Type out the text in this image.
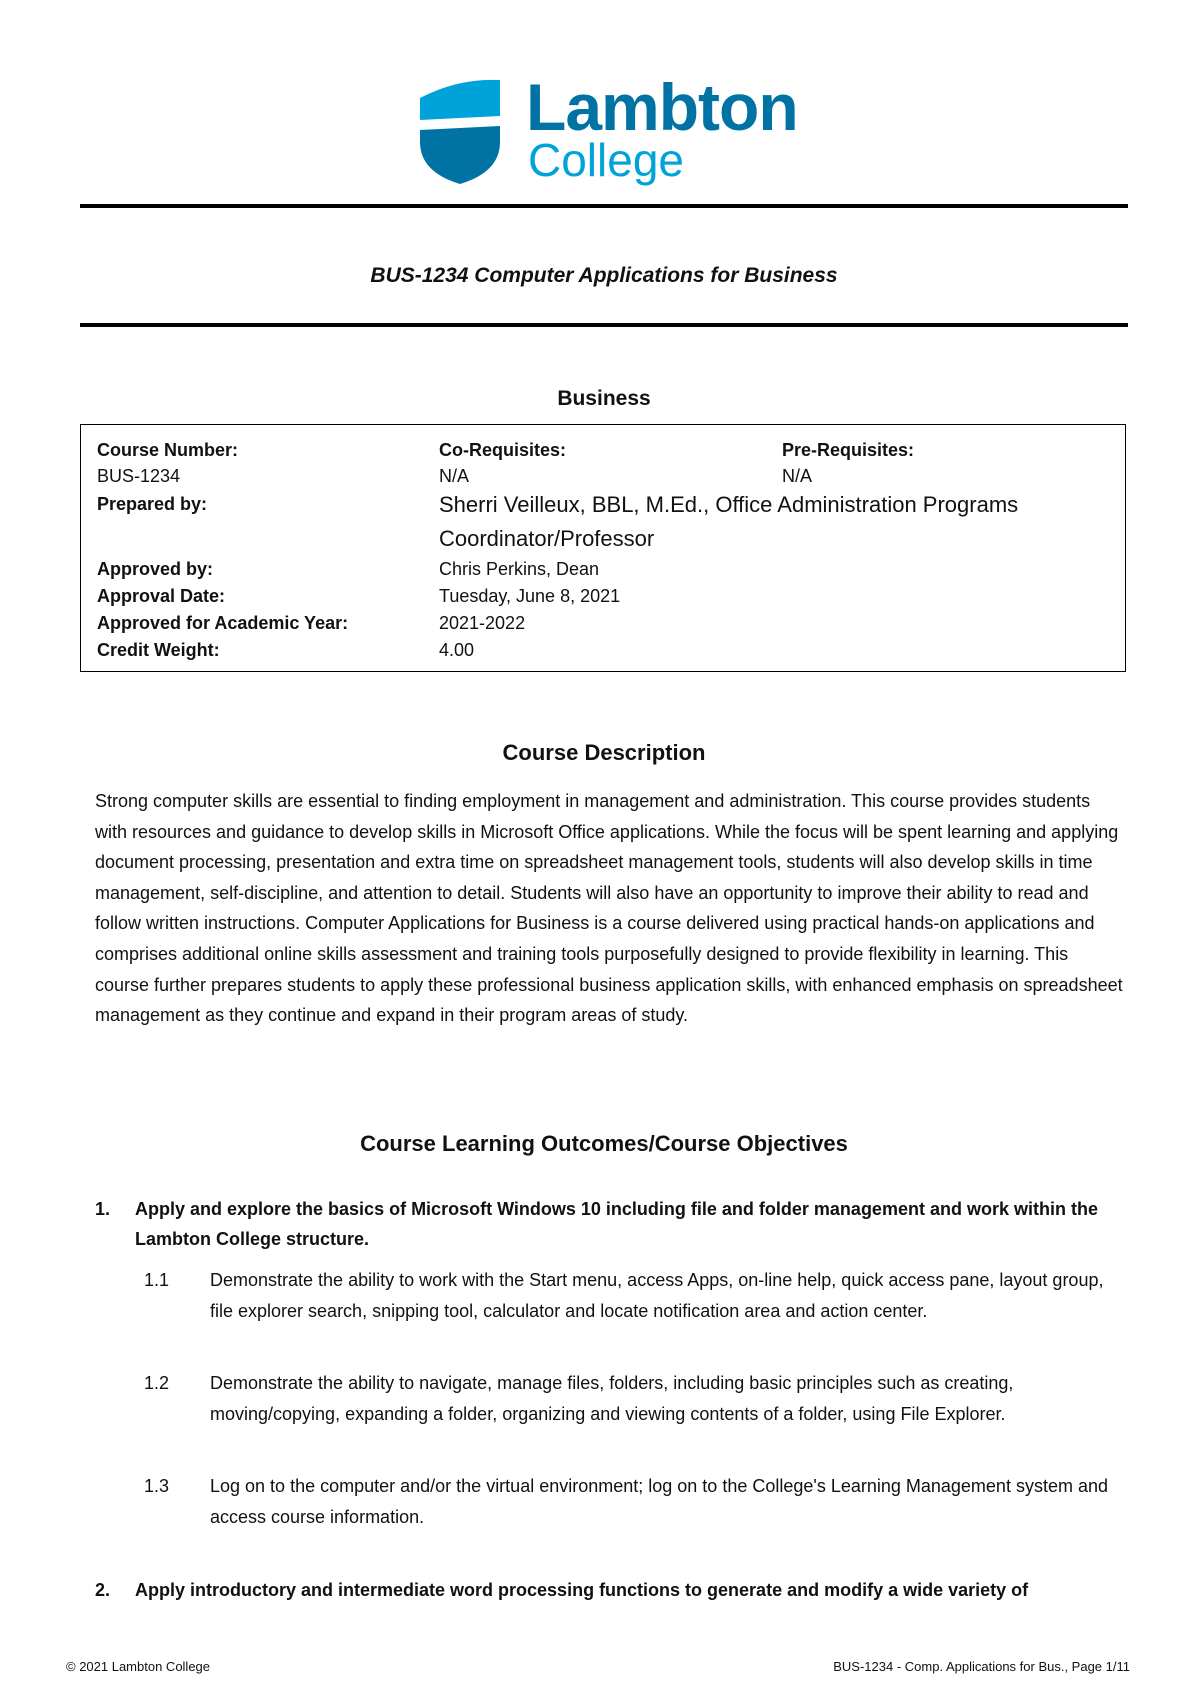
Lambton
College
BUS-1234 Computer Applications for Business
Business
Course Number:
BUS-1234
Co-Requisites:
N/A
Pre-Requisites:
N/A
Prepared by:	Sherri Veilleux, BBL, M.Ed., Office Administration Programs Coordinator/Professor
Approved by:	Chris Perkins, Dean
Approval Date:	Tuesday, June 8, 2021
Approved for Academic Year:	2021-2022
Credit Weight:	4.00
Course Description
Strong computer skills are essential to finding employment in management and administration. This course provides students with resources and guidance to develop skills in Microsoft Office applications. While the focus will be spent learning and applying document processing, presentation and extra time on spreadsheet management tools, students will also develop skills in time management, self-discipline, and attention to detail. Students will also have an opportunity to improve their ability to read and follow written instructions. Computer Applications for Business is a course delivered using practical hands-on applications and comprises additional online skills assessment and training tools purposefully designed to provide flexibility in learning. This course further prepares students to apply these professional business application skills, with enhanced emphasis on spreadsheet management as they continue and expand in their program areas of study.
Course Learning Outcomes/Course Objectives
1. Apply and explore the basics of Microsoft Windows 10 including file and folder management and work within the Lambton College structure.
1.1 Demonstrate the ability to work with the Start menu, access Apps, on-line help, quick access pane, layout group, file explorer search, snipping tool, calculator and locate notification area and action center.
1.2 Demonstrate the ability to navigate, manage files, folders, including basic principles such as creating, moving/copying, expanding a folder, organizing and viewing contents of a folder, using File Explorer.
1.3 Log on to the computer and/or the virtual environment; log on to the College's Learning Management system and access course information.
2. Apply introductory and intermediate word processing functions to generate and modify a wide variety of
© 2021 Lambton College	BUS-1234 - Comp. Applications for Bus., Page 1/11
